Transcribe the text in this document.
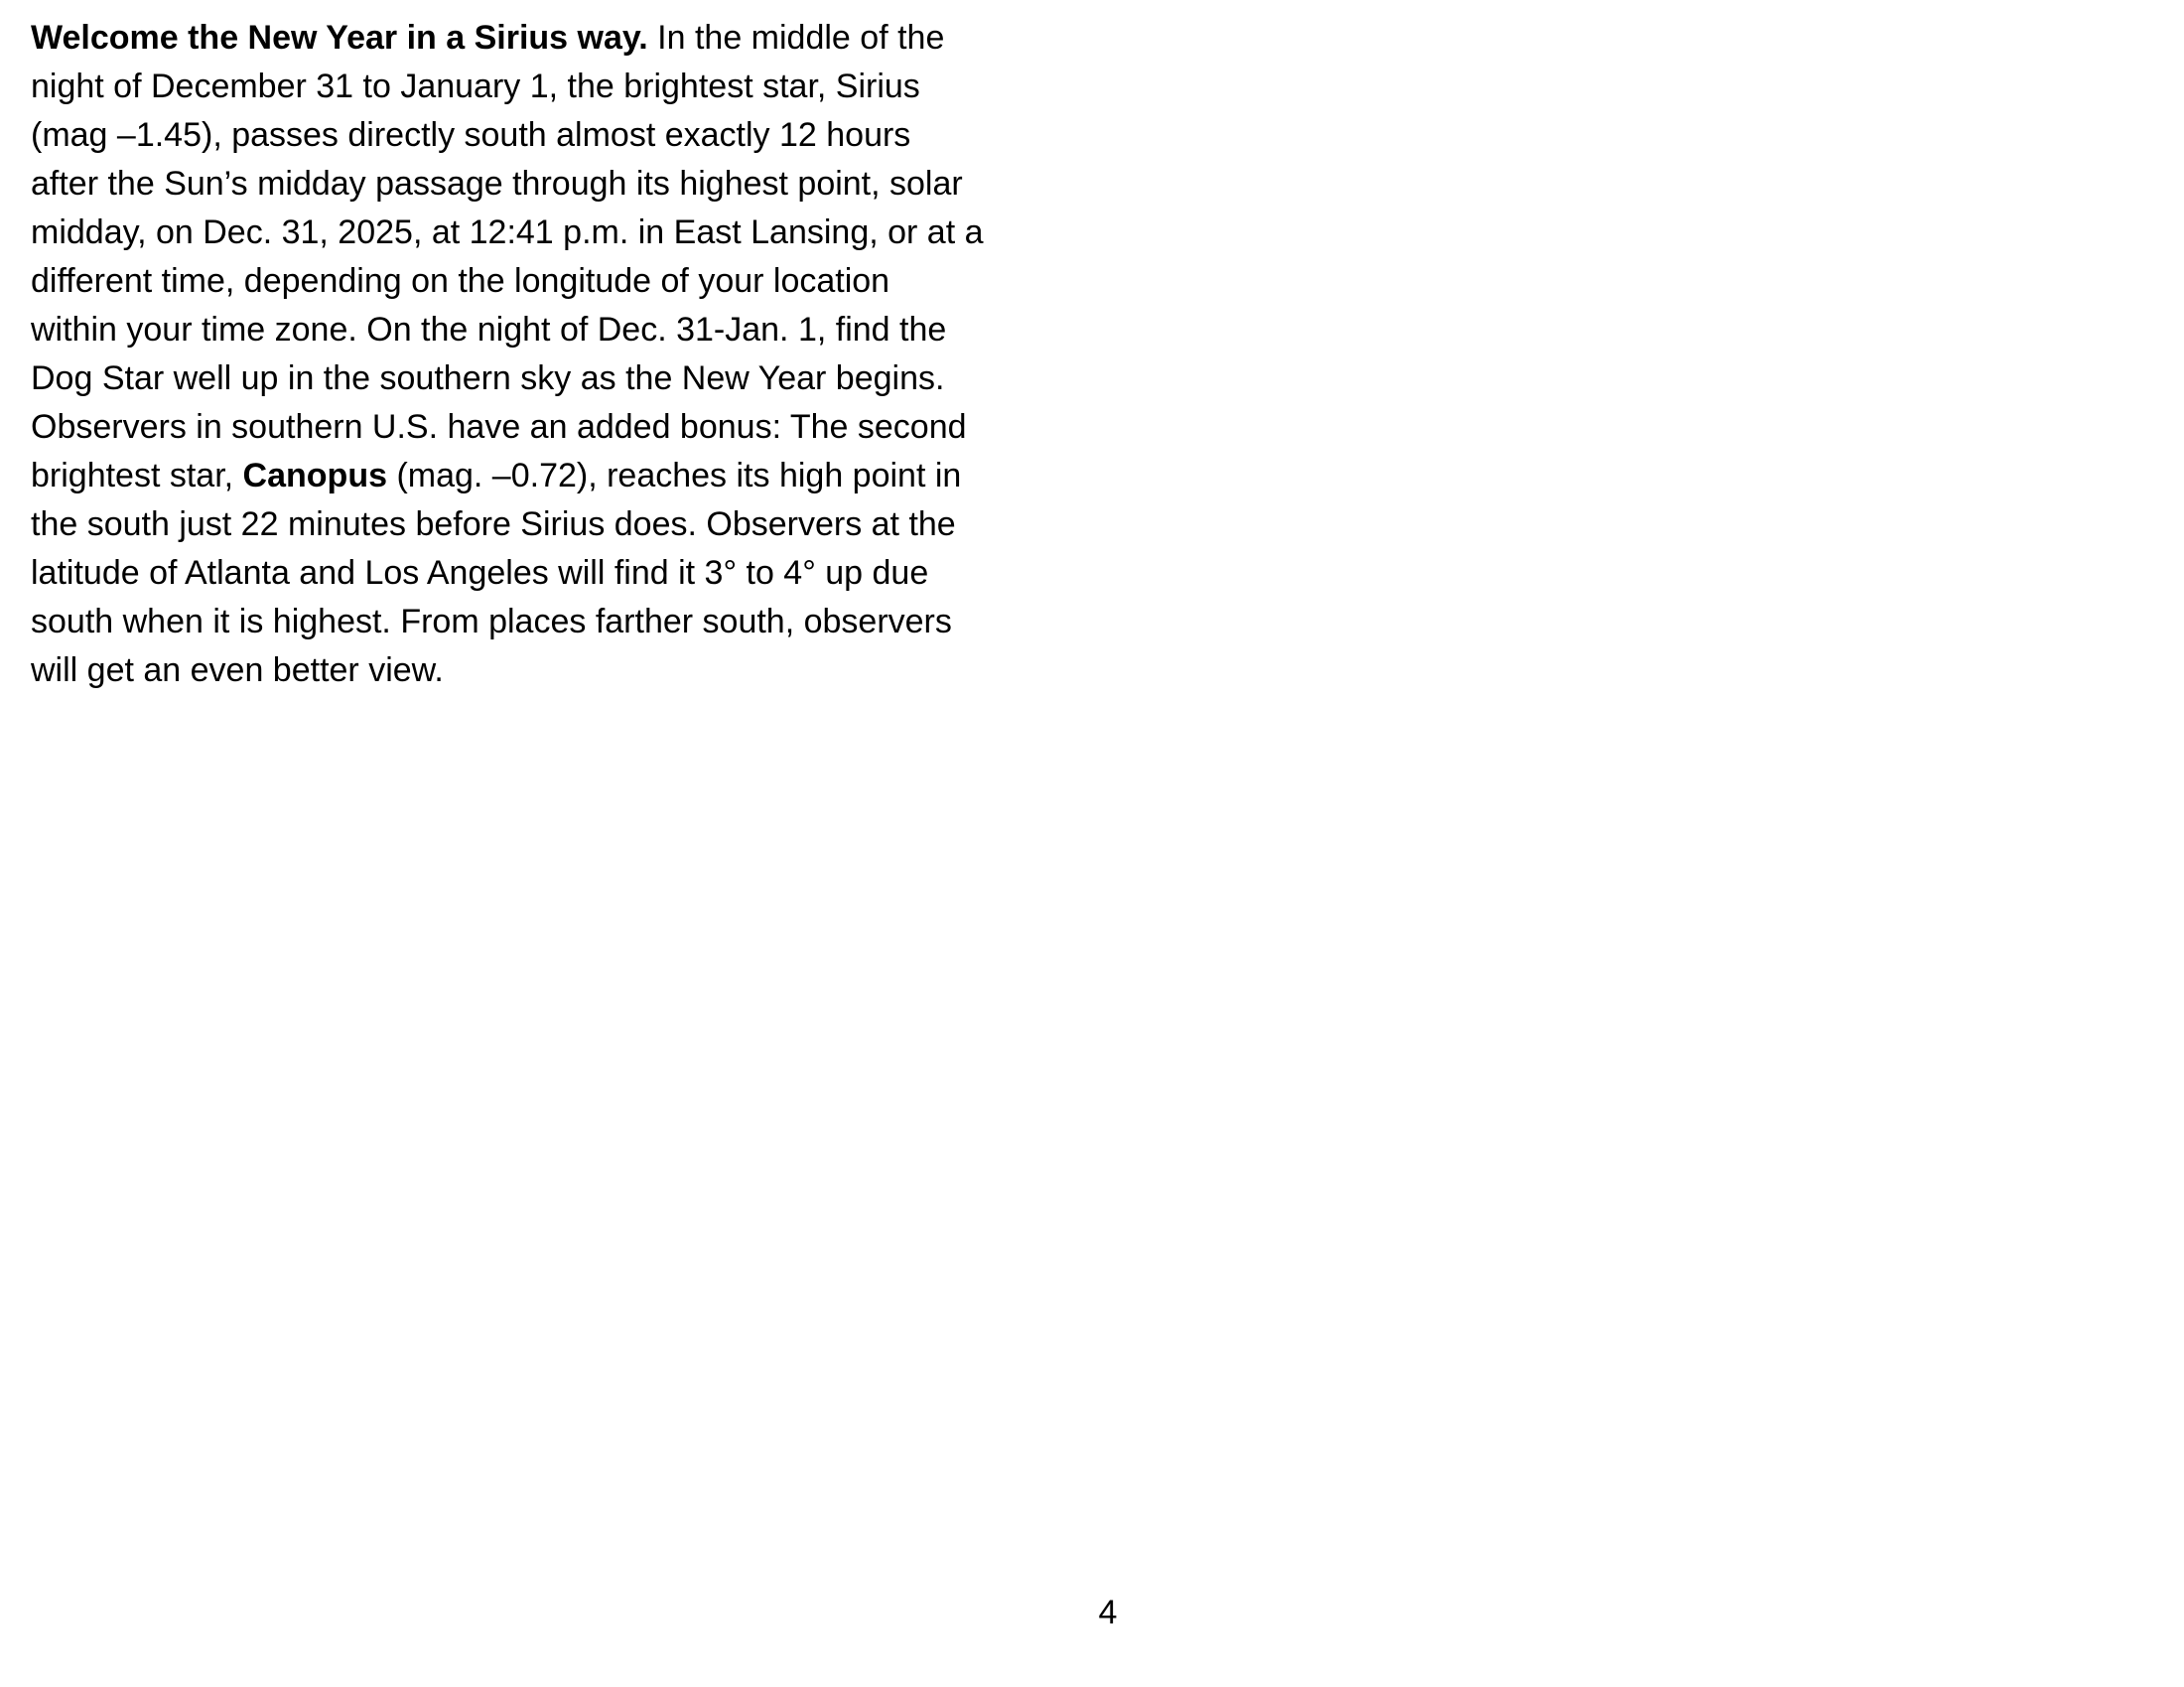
Welcome the New Year in a Sirius way. In the middle of the
night of December 31 to January 1, the brightest star, Sirius
(mag –1.45), passes directly south almost exactly 12 hours
after the Sun’s midday passage through its highest point, solar
midday, on Dec. 31, 2025, at 12:41 p.m. in East Lansing, or at a
different time, depending on the longitude of your location
within your time zone. On the night of Dec. 31-Jan. 1, find the
Dog Star well up in the southern sky as the New Year begins.
Observers in southern U.S. have an added bonus: The second
brightest star, Canopus (mag. –0.72), reaches its high point in
the south just 22 minutes before Sirius does. Observers at the
latitude of Atlanta and Los Angeles will find it 3° to 4° up due
south when it is highest. From places farther south, observers
will get an even better view.
4
